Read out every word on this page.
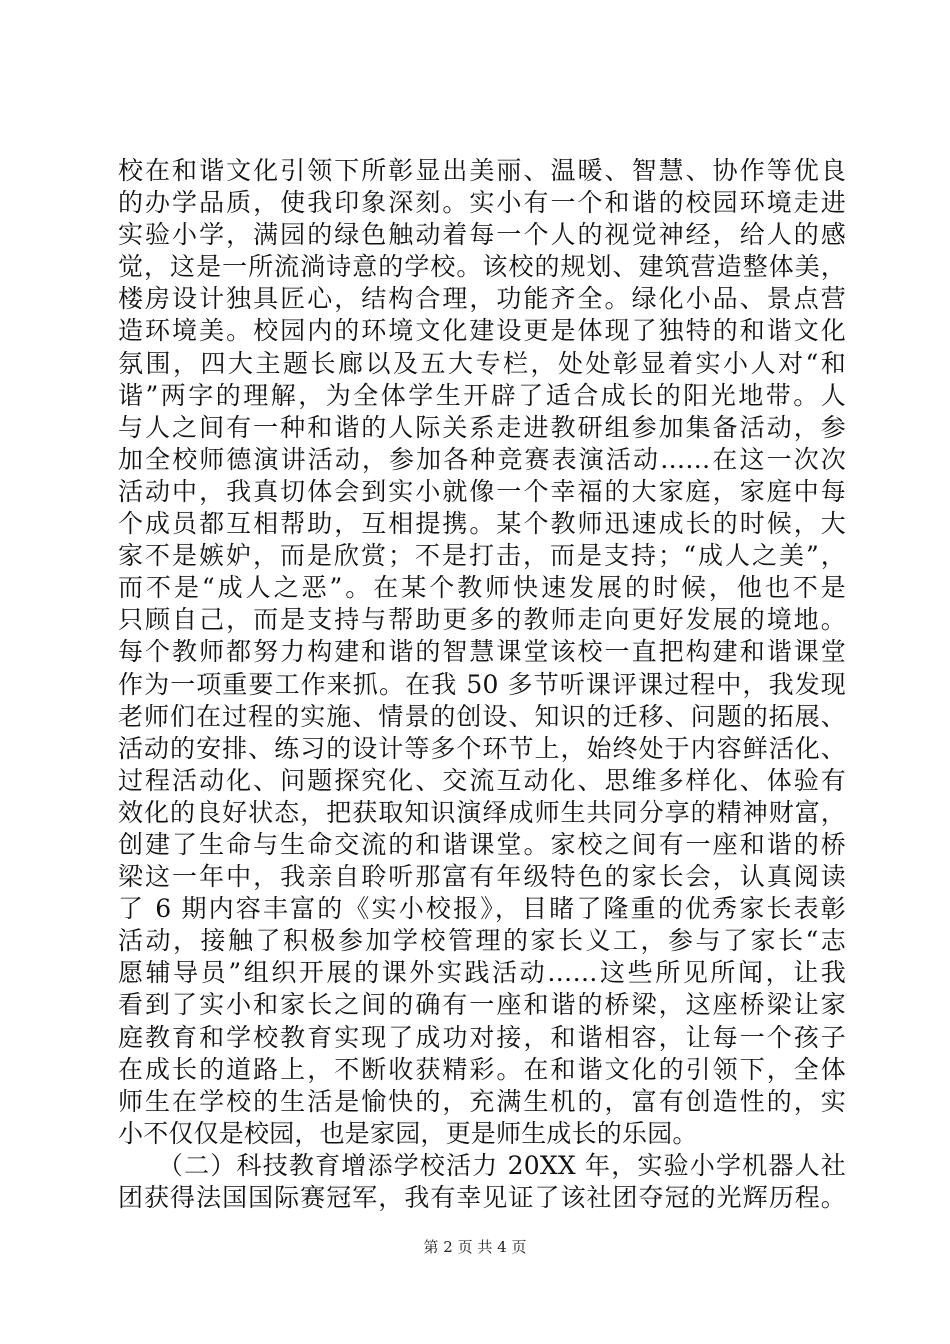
校在和谐文化引领下所彰显出美丽、温暖、智慧、协作等优良
的办学品质，使我印象深刻。实小有一个和谐的校园环境走进
实验小学，满园的绿色触动着每一个人的视觉神经，给人的感
觉，这是一所流淌诗意的学校。该校的规划、建筑营造整体美，
楼房设计独具匠心，结构合理，功能齐全。绿化小品、景点营
造环境美。校园内的环境文化建设更是体现了独特的和谐文化
氛围，四大主题长廊以及五大专栏，处处彰显着实小人对“和
谐”两字的理解，为全体学生开辟了适合成长的阳光地带。人
与人之间有一种和谐的人际关系走进教研组参加集备活动，参
加全校师德演讲活动，参加各种竞赛表演活动……在这一次次
活动中，我真切体会到实小就像一个幸福的大家庭，家庭中每
个成员都互相帮助，互相提携。某个教师迅速成长的时候，大
家不是嫉妒，而是欣赏；不是打击，而是支持；“成人之美”，
而不是“成人之恶”。在某个教师快速发展的时候，他也不是
只顾自己，而是支持与帮助更多的教师走向更好发展的境地。
每个教师都努力构建和谐的智慧课堂该校一直把构建和谐课堂
作为一项重要工作来抓。在我 50 多节听课评课过程中，我发现
老师们在过程的实施、情景的创设、知识的迁移、问题的拓展、
活动的安排、练习的设计等多个环节上，始终处于内容鲜活化、
过程活动化、问题探究化、交流互动化、思维多样化、体验有
效化的良好状态，把获取知识演绎成师生共同分享的精神财富，
创建了生命与生命交流的和谐课堂。家校之间有一座和谐的桥
梁这一年中，我亲自聆听那富有年级特色的家长会，认真阅读
了 6 期内容丰富的《实小校报》，目睹了隆重的优秀家长表彰
活动，接触了积极参加学校管理的家长义工，参与了家长“志
愿辅导员”组织开展的课外实践活动……这些所见所闻，让我
看到了实小和家长之间的确有一座和谐的桥梁，这座桥梁让家
庭教育和学校教育实现了成功对接，和谐相容，让每一个孩子
在成长的道路上，不断收获精彩。在和谐文化的引领下，全体
师生在学校的生活是愉快的，充满生机的，富有创造性的，实
小不仅仅是校园，也是家园，更是师生成长的乐园。
　　（二）科技教育增添学校活力 20XX 年，实验小学机器人社
团获得法国国际赛冠军，我有幸见证了该社团夺冠的光辉历程。
第 2 页 共 4 页
